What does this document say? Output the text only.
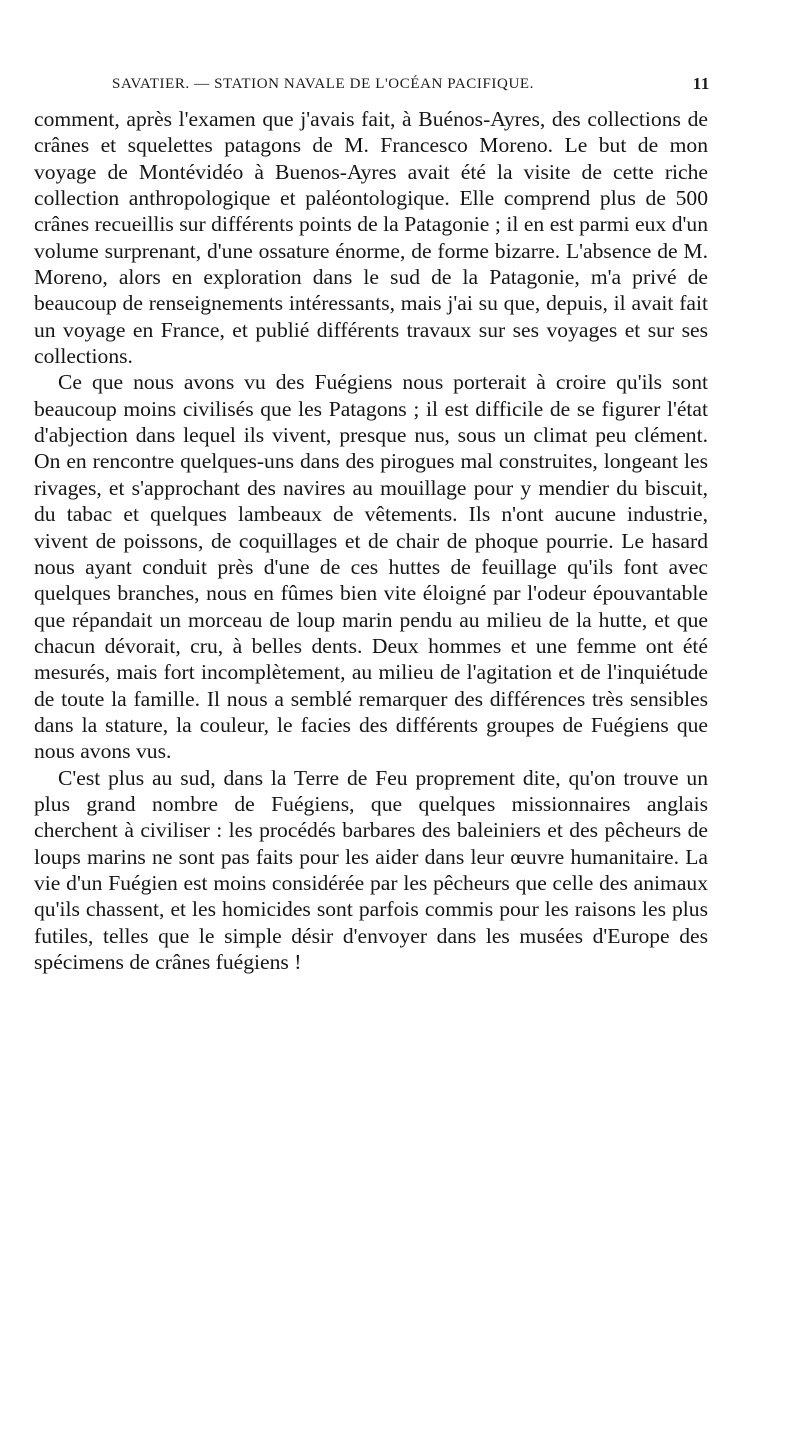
SAVATIER. — STATION NAVALE DE L'OCÉAN PACIFIQUE.	11

comment, après l'examen que j'avais fait, à Buénos-Ayres, des collections de crânes et squelettes patagons de M. Francesco Moreno. Le but de mon voyage de Montévidéo à Buenos-Ayres avait été la visite de cette riche collection anthropologique et paléontologique. Elle comprend plus de 500 crânes recueillis sur différents points de la Patagonie ; il en est parmi eux d'un volume surprenant, d'une ossature énorme, de forme bizarre. L'absence de M. Moreno, alors en exploration dans le sud de la Patagonie, m'a privé de beaucoup de renseignements intéressants, mais j'ai su que, depuis, il avait fait un voyage en France, et publié différents travaux sur ses voyages et sur ses collections.

Ce que nous avons vu des Fuégiens nous porterait à croire qu'ils sont beaucoup moins civilisés que les Patagons ; il est difficile de se figurer l'état d'abjection dans lequel ils vivent, presque nus, sous un climat peu clément. On en rencontre quelques-uns dans des pirogues mal construites, longeant les rivages, et s'approchant des navires au mouillage pour y mendier du biscuit, du tabac et quelques lambeaux de vêtements. Ils n'ont aucune industrie, vivent de poissons, de coquillages et de chair de phoque pourrie. Le hasard nous ayant conduit près d'une de ces huttes de feuillage qu'ils font avec quelques branches, nous en fûmes bien vite éloigné par l'odeur épouvantable que répandait un morceau de loup marin pendu au milieu de la hutte, et que chacun dévorait, cru, à belles dents. Deux hommes et une femme ont été mesurés, mais fort incomplètement, au milieu de l'agitation et de l'inquiétude de toute la famille. Il nous a semblé remarquer des différences très sensibles dans la stature, la couleur, le facies des différents groupes de Fuégiens que nous avons vus.

C'est plus au sud, dans la Terre de Feu proprement dite, qu'on trouve un plus grand nombre de Fuégiens, que quelques missionnaires anglais cherchent à civiliser : les procédés barbares des baleiniers et des pêcheurs de loups marins ne sont pas faits pour les aider dans leur œuvre humanitaire. La vie d'un Fuégien est moins considérée par les pêcheurs que celle des animaux qu'ils chassent, et les homicides sont parfois commis pour les raisons les plus futiles, telles que le simple désir d'envoyer dans les musées d'Europe des spécimens de crânes fuégiens !
